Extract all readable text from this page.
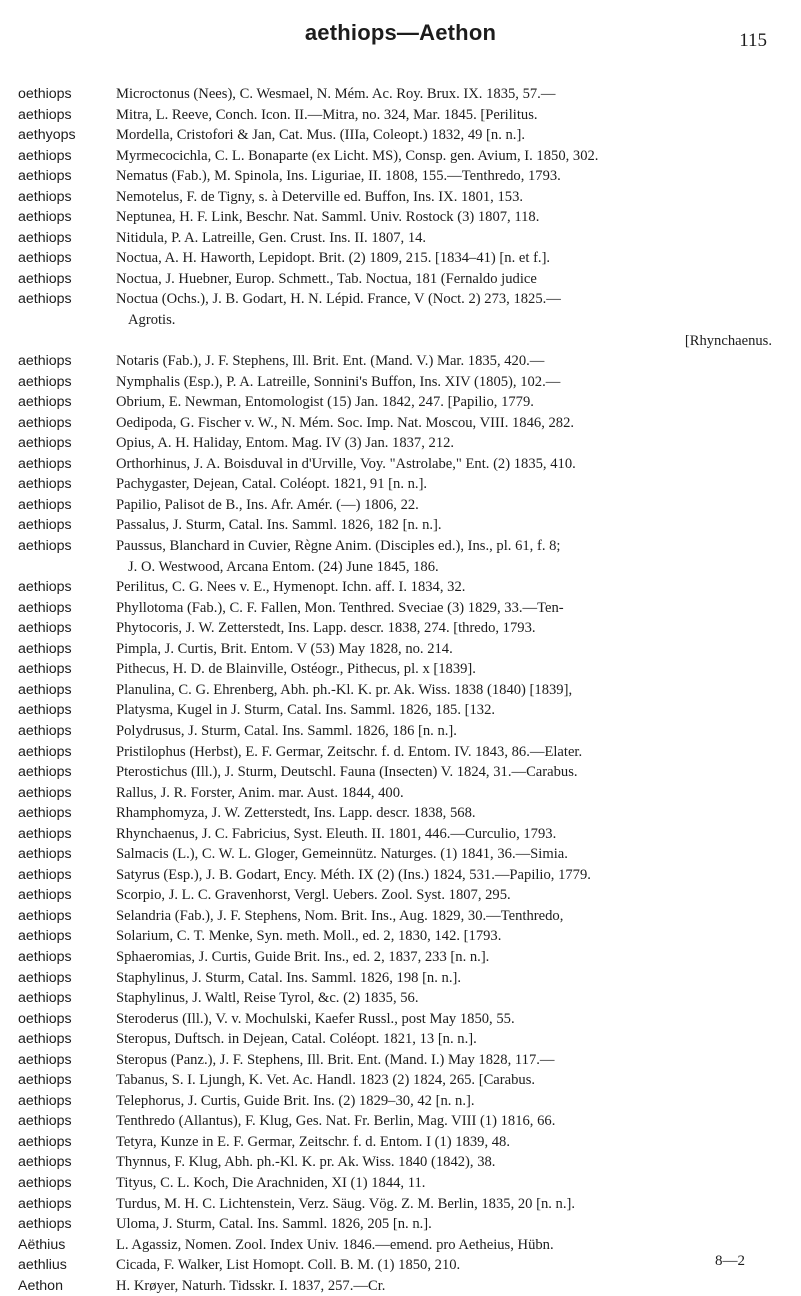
aethiops—Aethon	115
oethiops	Microctonus (Nees), C. Wesmael, N. Mém. Ac. Roy. Brux. IX. 1835, 57.—
aethiops	Mitra, L. Reeve, Conch. Icon. II.—Mitra, no. 324, Mar. 1845. [Perilitus.
aethyops	Mordella, Cristofori & Jan, Cat. Mus. (IIIa, Coleopt.) 1832, 49 [n. n.].
aethiops	Myrmecocichla, C. L. Bonaparte (ex Licht. MS), Consp. gen. Avium, I. 1850, 302.
aethiops	Nematus (Fab.), M. Spinola, Ins. Liguriae, II. 1808, 155.—Tenthredo, 1793.
aethiops	Nemotelus, F. de Tigny, s. à Deterville ed. Buffon, Ins. IX. 1801, 153.
aethiops	Neptunea, H. F. Link, Beschr. Nat. Samml. Univ. Rostock (3) 1807, 118.
aethiops	Nitidula, P. A. Latreille, Gen. Crust. Ins. II. 1807, 14.
aethiops	Noctua, A. H. Haworth, Lepidopt. Brit. (2) 1809, 215. [1834–41) [n. et f.].
aethiops	Noctua, J. Huebner, Europ. Schmett., Tab. Noctua, 181 (Fernaldo judice
aethiops	Noctua (Ochs.), J. B. Godart, H. N. Lépid. France, V (Noct. 2) 273, 1825.—
Agrotis.
[Rhynchaenus.
aethiops	Notaris (Fab.), J. F. Stephens, Ill. Brit. Ent. (Mand. V.) Mar. 1835, 420.—
aethiops	Nymphalis (Esp.), P. A. Latreille, Sonnini's Buffon, Ins. XIV (1805), 102.—
aethiops	Obrium, E. Newman, Entomologist (15) Jan. 1842, 247. [Papilio, 1779.
aethiops	Oedipoda, G. Fischer v. W., N. Mém. Soc. Imp. Nat. Moscou, VIII. 1846, 282.
aethiops	Opius, A. H. Haliday, Entom. Mag. IV (3) Jan. 1837, 212.
aethiops	Orthorhinus, J. A. Boisduval in d'Urville, Voy. "Astrolabe," Ent. (2) 1835, 410.
aethiops	Pachygaster, Dejean, Catal. Coléopt. 1821, 91 [n. n.].
aethiops	Papilio, Palisot de B., Ins. Afr. Amér. (—) 1806, 22.
aethiops	Passalus, J. Sturm, Catal. Ins. Samml. 1826, 182 [n. n.].
aethiops	Paussus, Blanchard in Cuvier, Règne Anim. (Disciples ed.), Ins., pl. 61, f. 8;
J. O. Westwood, Arcana Entom. (24) June 1845, 186.
aethiops	Perilitus, C. G. Nees v. E., Hymenopt. Ichn. aff. I. 1834, 32.
aethiops	Phyllotoma (Fab.), C. F. Fallen, Mon. Tenthred. Sveciae (3) 1829, 33.—Ten-
aethiops	Phytocoris, J. W. Zetterstedt, Ins. Lapp. descr. 1838, 274. [thredo, 1793.
aethiops	Pimpla, J. Curtis, Brit. Entom. V (53) May 1828, no. 214.
aethiops	Pithecus, H. D. de Blainville, Ostéogr., Pithecus, pl. x [1839].
aethiops	Planulina, C. G. Ehrenberg, Abh. ph.-Kl. K. pr. Ak. Wiss. 1838 (1840) [1839],
aethiops	Platysma, Kugel in J. Sturm, Catal. Ins. Samml. 1826, 185. [132.
aethiops	Polydrusus, J. Sturm, Catal. Ins. Samml. 1826, 186 [n. n.].
aethiops	Pristilophus (Herbst), E. F. Germar, Zeitschr. f. d. Entom. IV. 1843, 86.—Elater.
aethiops	Pterostichus (Ill.), J. Sturm, Deutschl. Fauna (Insecten) V. 1824, 31.—Carabus.
aethiops	Rallus, J. R. Forster, Anim. mar. Aust. 1844, 400.
aethiops	Rhamphomyza, J. W. Zetterstedt, Ins. Lapp. descr. 1838, 568.
aethiops	Rhynchaenus, J. C. Fabricius, Syst. Eleuth. II. 1801, 446.—Curculio, 1793.
aethiops	Salmacis (L.), C. W. L. Gloger, Gemeinnütz. Naturges. (1) 1841, 36.—Simia.
aethiops	Satyrus (Esp.), J. B. Godart, Ency. Méth. IX (2) (Ins.) 1824, 531.—Papilio, 1779.
aethiops	Scorpio, J. L. C. Gravenhorst, Vergl. Uebers. Zool. Syst. 1807, 295.
aethiops	Selandria (Fab.), J. F. Stephens, Nom. Brit. Ins., Aug. 1829, 30.—Tenthredo,
aethiops	Solarium, C. T. Menke, Syn. meth. Moll., ed. 2, 1830, 142. [1793.
aethiops	Sphaeromias, J. Curtis, Guide Brit. Ins., ed. 2, 1837, 233 [n. n.].
aethiops	Staphylinus, J. Sturm, Catal. Ins. Samml. 1826, 198 [n. n.].
aethiops	Staphylinus, J. Waltl, Reise Tyrol, &c. (2) 1835, 56.
oethiops	Steroderus (Ill.), V. v. Mochulski, Kaefer Russl., post May 1850, 55.
aethiops	Steropus, Duftsch. in Dejean, Catal. Coléopt. 1821, 13 [n. n.].
aethiops	Steropus (Panz.), J. F. Stephens, Ill. Brit. Ent. (Mand. I.) May 1828, 117.—
aethiops	Tabanus, S. I. Ljungh, K. Vet. Ac. Handl. 1823 (2) 1824, 265. [Carabus.
aethiops	Telephorus, J. Curtis, Guide Brit. Ins. (2) 1829–30, 42 [n. n.].
aethiops	Tenthredo (Allantus), F. Klug, Ges. Nat. Fr. Berlin, Mag. VIII (1) 1816, 66.
aethiops	Tetyra, Kunze in E. F. Germar, Zeitschr. f. d. Entom. I (1) 1839, 48.
aethiops	Thynnus, F. Klug, Abh. ph.-Kl. K. pr. Ak. Wiss. 1840 (1842), 38.
aethiops	Tityus, C. L. Koch, Die Arachniden, XI (1) 1844, 11.
aethiops	Turdus, M. H. C. Lichtenstein, Verz. Säug. Vög. Z. M. Berlin, 1835, 20 [n. n.].
aethiops	Uloma, J. Sturm, Catal. Ins. Samml. 1826, 205 [n. n.].
Aëthius	L. Agassiz, Nomen. Zool. Index Univ. 1846.—emend. pro Aetheius, Hübn.
aethlius	Cicada, F. Walker, List Homopt. Coll. B. M. (1) 1850, 210.
Aethon	H. Krøyer, Naturh. Tidsskr. I. 1837, 257.—Cr.
8—2
